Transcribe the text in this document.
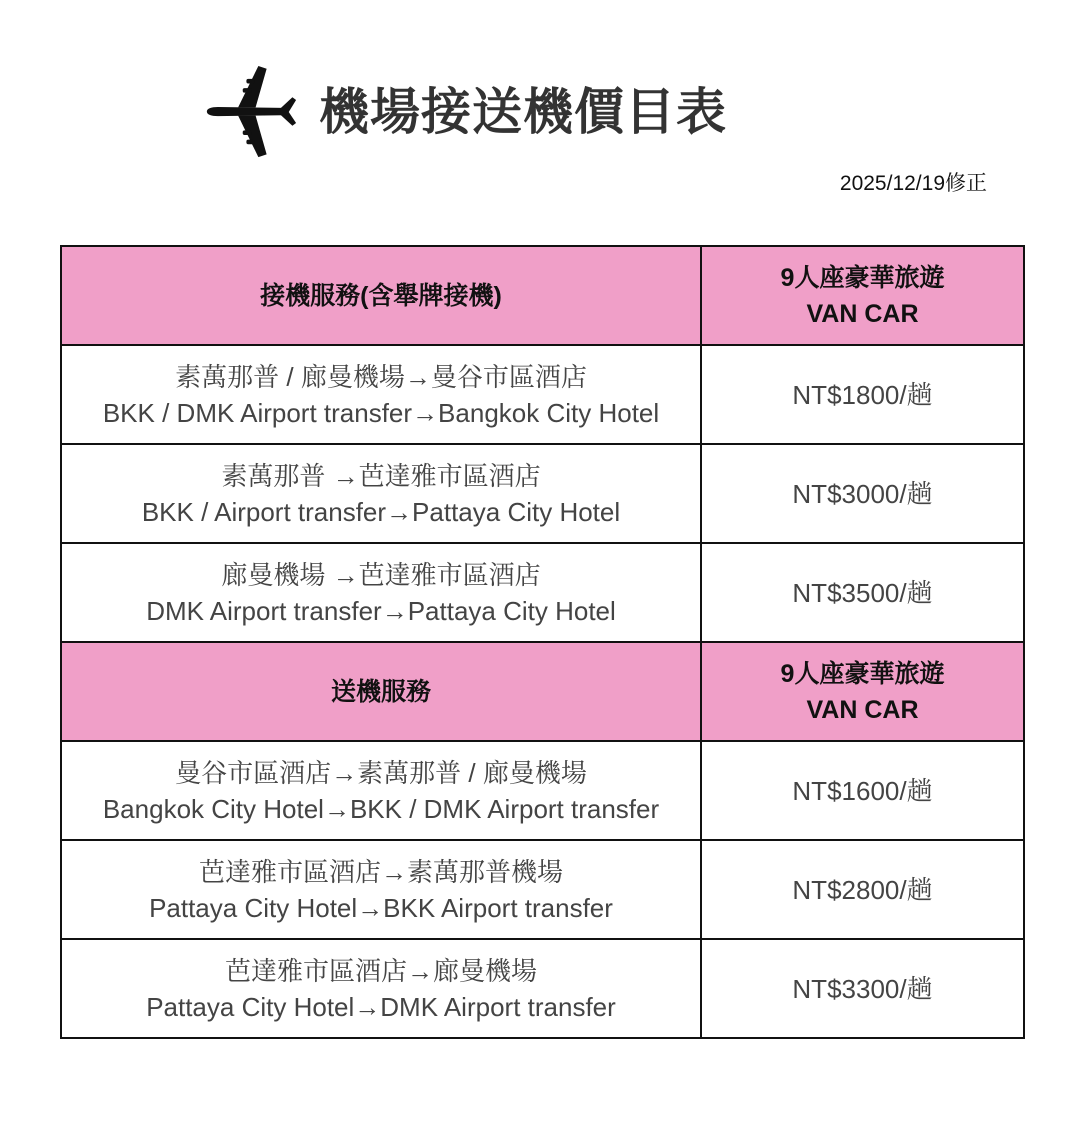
機場接送機價目表
2025/12/19修正
接機服務(含舉牌接機)	9人座豪華旅遊
VAN CAR

素萬那普 / 廊曼機場→曼谷市區酒店
BKK / DMK Airport transfer→Bangkok City Hotel	NT$1800/趟

素萬那普 →芭達雅市區酒店
BKK / Airport transfer→Pattaya City Hotel	NT$3000/趟

廊曼機場 →芭達雅市區酒店
DMK Airport transfer→Pattaya City Hotel	NT$3500/趟

送機服務	9人座豪華旅遊
VAN CAR

曼谷市區酒店→素萬那普 / 廊曼機場
Bangkok City Hotel→BKK / DMK Airport transfer	NT$1600/趟

芭達雅市區酒店→素萬那普機場
Pattaya City Hotel→BKK Airport transfer	NT$2800/趟

芭達雅市區酒店→廊曼機場
Pattaya City Hotel→DMK Airport transfer	NT$3300/趟
